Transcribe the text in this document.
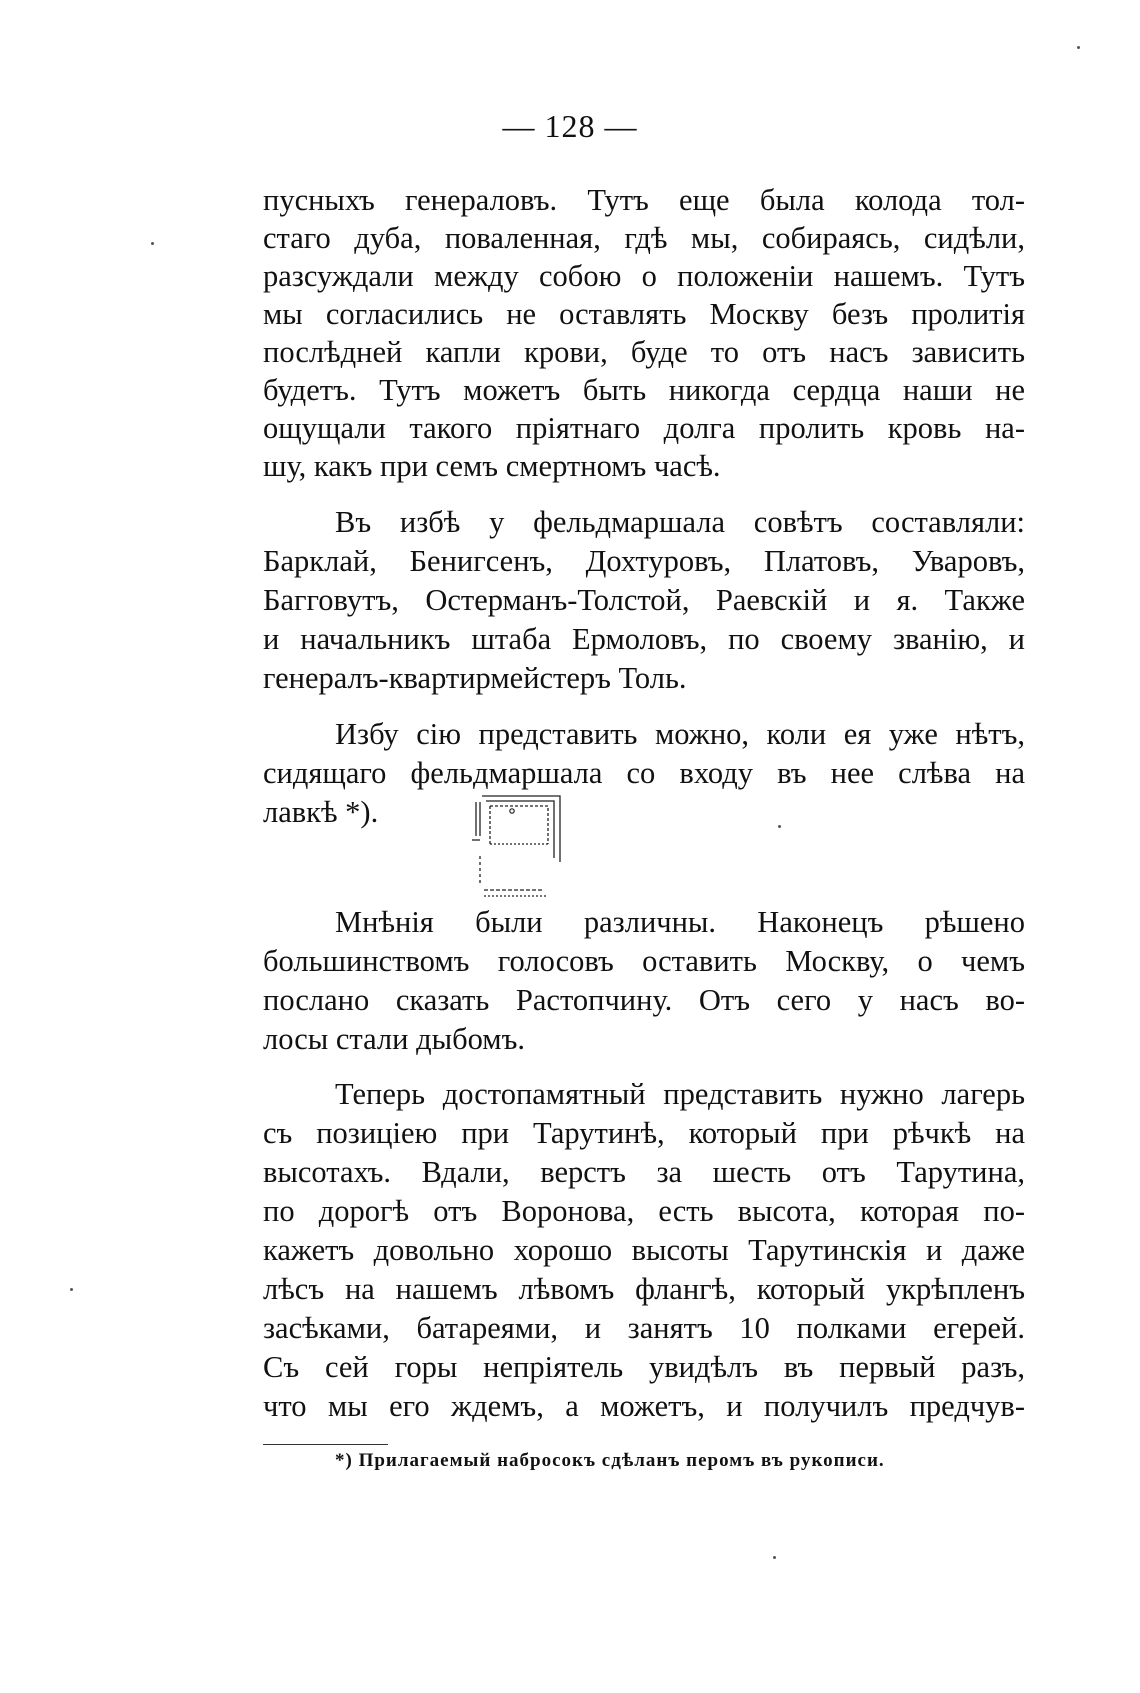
— 128 —
пусныхъ генераловъ. Тутъ еще была колода тол-
стаго дуба, поваленная, гдѣ мы, собираясь, сидѣли,
разсуждали между собою о положеніи нашемъ. Тутъ
мы согласились не оставлять Москву безъ пролитія
послѣдней капли крови, буде то отъ насъ зависить
будетъ. Тутъ можетъ быть никогда сердца наши не
ощущали такого пріятнаго долга пролить кровь на-
шу, какъ при семъ смертномъ часѣ.
Въ избѣ у фельдмаршала совѣтъ составляли:
Барклай, Бенигсенъ, Дохтуровъ, Платовъ, Уваровъ,
Багговутъ, Остерманъ-Толстой, Раевскій и я. Также
и начальникъ штаба Ермоловъ, по своему званію, и
генералъ-квартирмейстеръ Толь.
Избу сію представить можно, коли ея уже нѣтъ,
сидящаго фельдмаршала со входу въ нее слѣва на
лавкѣ *).
Мнѣнія были различны. Наконецъ рѣшено
большинствомъ голосовъ оставить Москву, о чемъ
послано сказать Растопчину. Отъ сего у насъ во-
лосы стали дыбомъ.
Теперь достопамятный представить нужно лагерь
съ позиціею при Тарутинѣ, который при рѣчкѣ на
высотахъ. Вдали, верстъ за шесть отъ Тарутина,
по дорогѣ отъ Воронова, есть высота, которая по-
кажетъ довольно хорошо высоты Тарутинскія и даже
лѣсъ на нашемъ лѣвомъ флангѣ, который укрѣпленъ
засѣками, батареями, и занятъ 10 полками егерей.
Съ сей горы непріятель увидѣлъ въ первый разъ,
что мы его ждемъ, а можетъ, и получилъ предчув-
*) Прилагаемый набросокъ сдѣланъ перомъ въ рукописи.
